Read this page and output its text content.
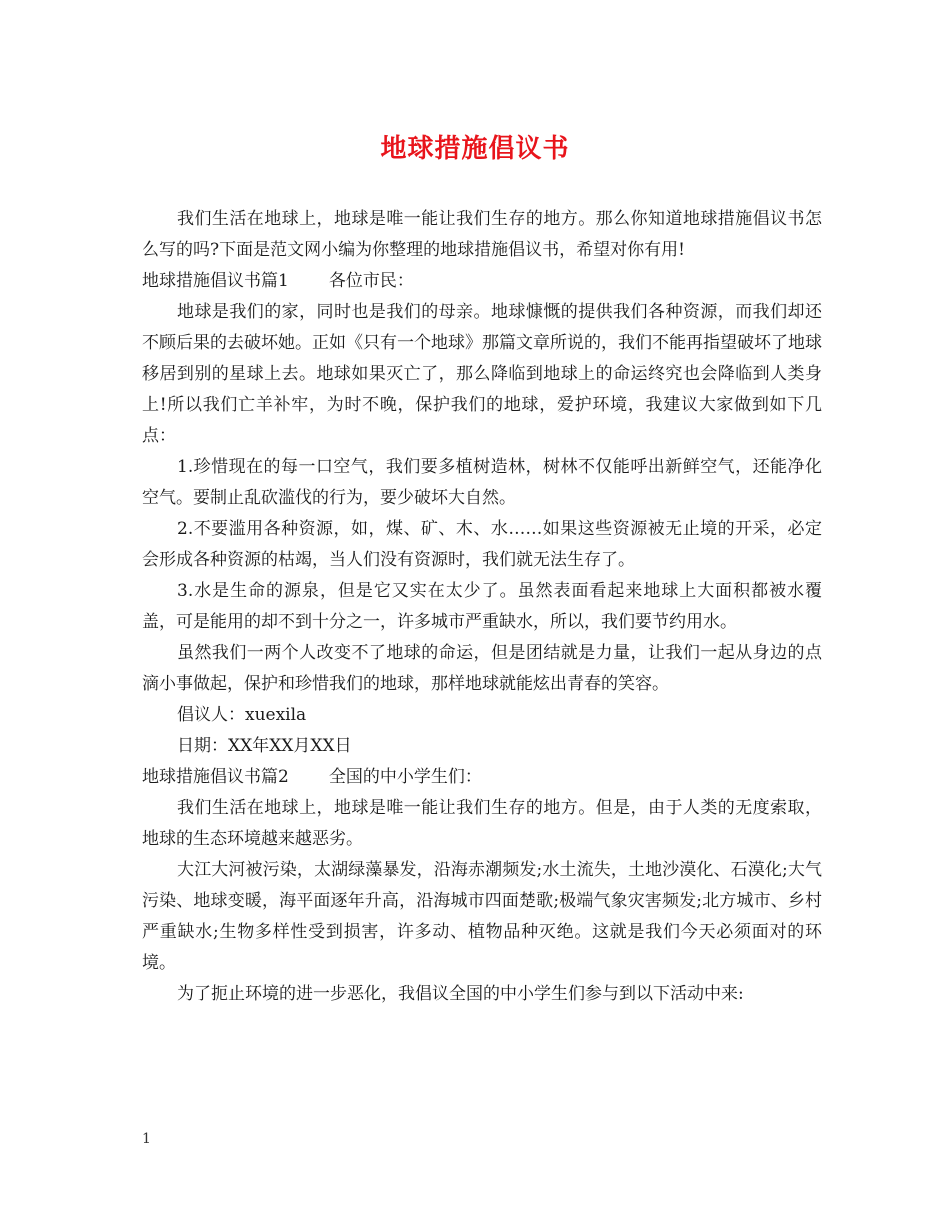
地球措施倡议书

我们生活在地球上，地球是唯一能让我们生存的地方。那么你知道地球措施倡议书怎么写的吗?下面是范文网小编为你整理的地球措施倡议书，希望对你有用!

地球措施倡议书篇1 各位市民：

地球是我们的家，同时也是我们的母亲。地球慷慨的提供我们各种资源，而我们却还不顾后果的去破坏她。正如《只有一个地球》那篇文章所说的，我们不能再指望破坏了地球移居到别的星球上去。地球如果灭亡了，那么降临到地球上的命运终究也会降临到人类身上!所以我们亡羊补牢，为时不晚，保护我们的地球，爱护环境，我建议大家做到如下几点：

1.珍惜现在的每一口空气，我们要多植树造林，树林不仅能呼出新鲜空气，还能净化空气。要制止乱砍滥伐的行为，要少破坏大自然。

2.不要滥用各种资源，如，煤、矿、木、水……如果这些资源被无止境的开采，必定会形成各种资源的枯竭，当人们没有资源时，我们就无法生存了。

3.水是生命的源泉，但是它又实在太少了。虽然表面看起来地球上大面积都被水覆盖，可是能用的却不到十分之一，许多城市严重缺水，所以，我们要节约用水。

虽然我们一两个人改变不了地球的命运，但是团结就是力量，让我们一起从身边的点滴小事做起，保护和珍惜我们的地球，那样地球就能炫出青春的笑容。

倡议人：xuexila

日期：XX年XX月XX日

地球措施倡议书篇2 全国的中小学生们：

我们生活在地球上，地球是唯一能让我们生存的地方。但是，由于人类的无度索取，地球的生态环境越来越恶劣。

大江大河被污染，太湖绿藻暴发，沿海赤潮频发;水土流失，土地沙漠化、石漠化;大气污染、地球变暖，海平面逐年升高，沿海城市四面楚歌;极端气象灾害频发;北方城市、乡村严重缺水;生物多样性受到损害，许多动、植物品种灭绝。这就是我们今天必须面对的环境。

为了扼止环境的进一步恶化，我倡议全国的中小学生们参与到以下活动中来:

1
